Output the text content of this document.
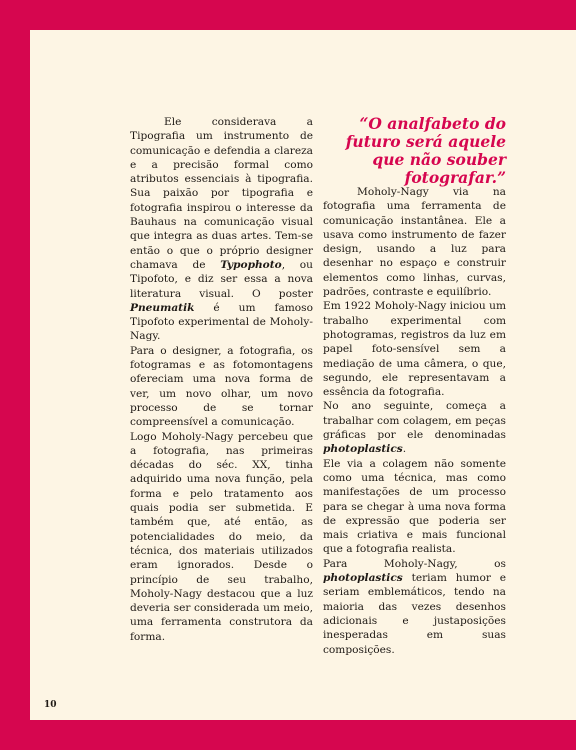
Ele considerava a Tipografia um instrumento de comunicação e defendia a clareza e a precisão formal como atributos essenciais à tipografia. Sua paixão por tipografia e fotografia inspirou o interesse da Bauhaus na comunicação visual que integra as duas artes. Tem-se então o que o próprio designer chamava de Typophoto, ou Tipofoto, e diz ser essa a nova literatura visual. O poster Pneumatik é um famoso Tipofoto experimental de Moholy-Nagy.

Para o designer, a fotografia, os fotogramas e as fotomontagens ofereciam uma nova forma de ver, um novo olhar, um novo processo de se tornar compreensível a comunicação.

Logo Moholy-Nagy percebeu que a fotografia, nas primeiras décadas do séc. XX, tinha adquirido uma nova função, pela forma e pelo tratamento aos quais podia ser submetida. E também que, até então, as potencialidades do meio, da técnica, dos materiais utilizados eram ignorados. Desde o princípio de seu trabalho, Moholy-Nagy destacou que a luz deveria ser considerada um meio, uma ferramenta construtora da forma.

“O analfabeto do futuro será aquele que não souber fotografar.”

Moholy-Nagy via na fotografia uma ferramenta de comunicação instantânea. Ele a usava como instrumento de fazer design, usando a luz para desenhar no espaço e construir elementos como linhas, curvas, padrões, contraste e equilíbrio.

Em 1922 Moholy-Nagy iniciou um trabalho experimental com photogramas, registros da luz em papel foto-sensível sem a mediação de uma câmera, o que, segundo, ele representavam a essência da fotografia.

No ano seguinte, começa a trabalhar com colagem, em peças gráficas por ele denominadas photoplastics.

Ele via a colagem não somente como uma técnica, mas como manifestações de um processo para se chegar à uma nova forma de expressão que poderia ser mais criativa e mais funcional que a fotografia realista.

Para Moholy-Nagy, os photoplastics teriam humor e seriam emblemáticos, tendo na maioria das vezes desenhos adicionais e justaposições inesperadas em suas composições.

10
